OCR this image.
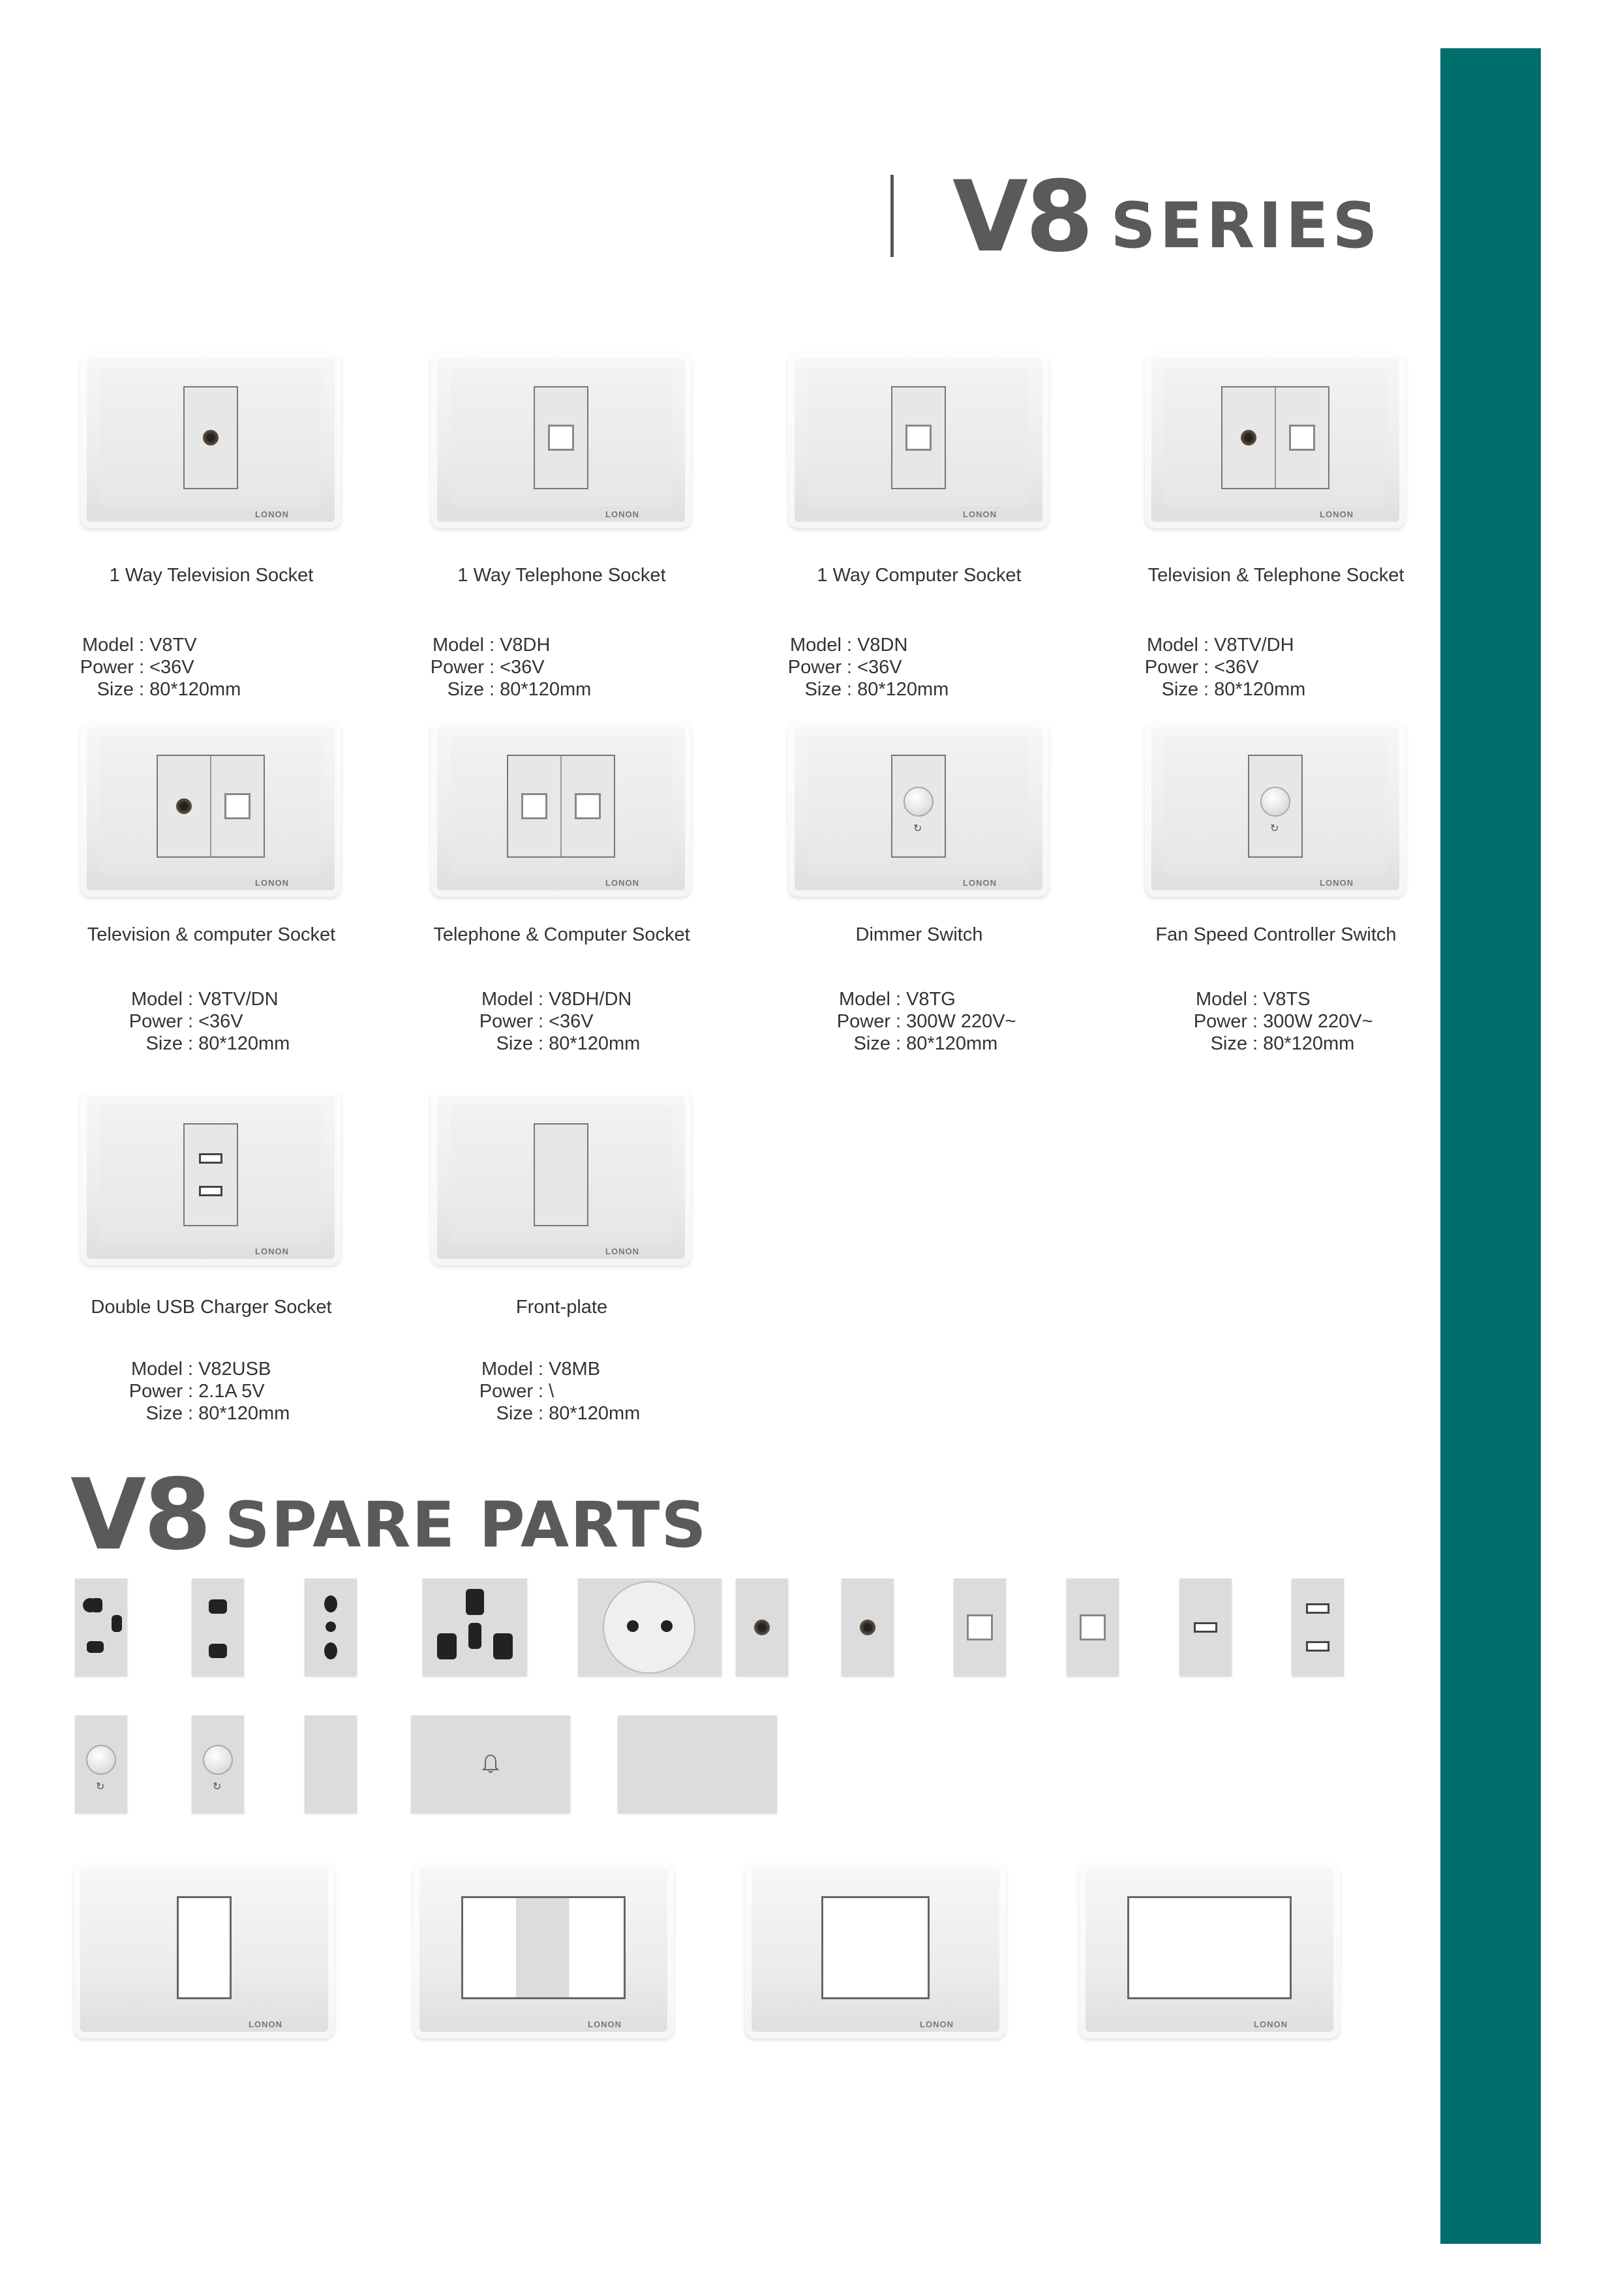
V8 SERIES
LONON
1 Way Television Socket
Model : V8TV
Power : <36V
Size : 80*120mm
LONON
1 Way Telephone Socket
Model : V8DH
Power : <36V
Size : 80*120mm
LONON
1 Way Computer Socket
Model : V8DN
Power : <36V
Size : 80*120mm
LONON
Television & Telephone Socket
Model : V8TV/DH
Power : <36V
Size : 80*120mm
LONON
Television & computer Socket
Model : V8TV/DN
Power : <36V
Size : 80*120mm
LONON
Telephone & Computer Socket
Model : V8DH/DN
Power : <36V
Size : 80*120mm
↻
LONON
Dimmer Switch
Model : V8TG
Power : 300W 220V~
Size : 80*120mm
↻
LONON
Fan Speed Controller Switch
Model : V8TS
Power : 300W 220V~
Size : 80*120mm
LONON
Double USB Charger Socket
Model : V82USB
Power : 2.1A 5V
Size : 80*120mm
LONON
Front-plate
Model : V8MB
Power : \
Size : 80*120mm
V8 SPARE PARTS
↻	↻
LONON	LONON	LONON	LONON
